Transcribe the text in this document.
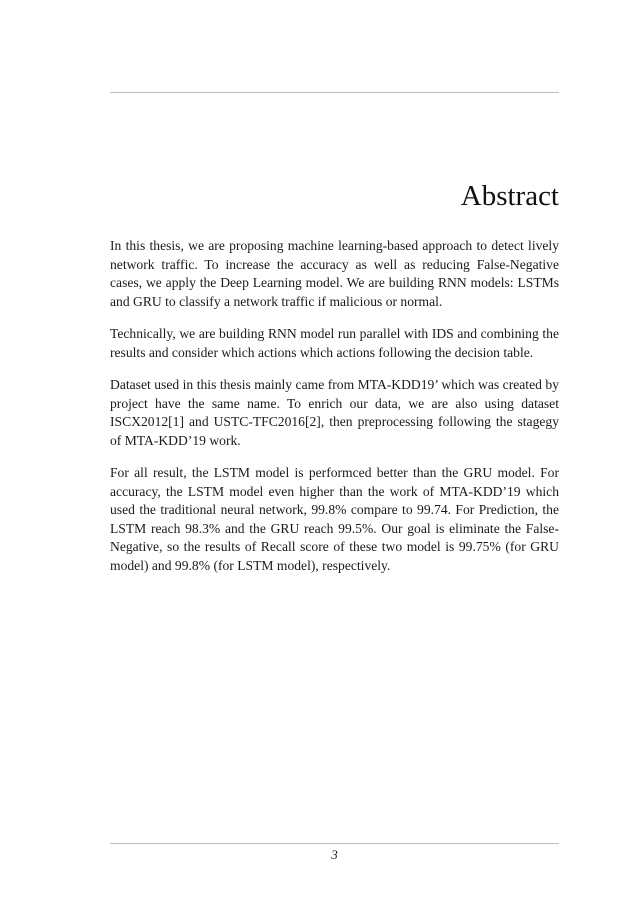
Abstract

In this thesis, we are proposing machine learning-based approach to detect lively network traffic. To increase the accuracy as well as reducing False-Negative cases, we apply the Deep Learning model. We are building RNN models: LSTMs and GRU to classify a network traffic if malicious or normal.

Technically, we are building RNN model run parallel with IDS and combining the results and consider which actions which actions following the decision table.

Dataset used in this thesis mainly came from MTA-KDD19’ which was created by project have the same name. To enrich our data, we are also using dataset ISCX2012[1] and USTC-TFC2016[2], then preprocessing following the stagegy of MTA-KDD’19 work.

For all result, the LSTM model is performced better than the GRU model. For accuracy, the LSTM model even higher than the work of MTA-KDD’19 which used the traditional neural network, 99.8% compare to 99.74. For Prediction, the LSTM reach 98.3% and the GRU reach 99.5%. Our goal is eliminate the False-Negative, so the results of Recall score of these two model is 99.75% (for GRU model) and 99.8% (for LSTM model), respectively.

3
